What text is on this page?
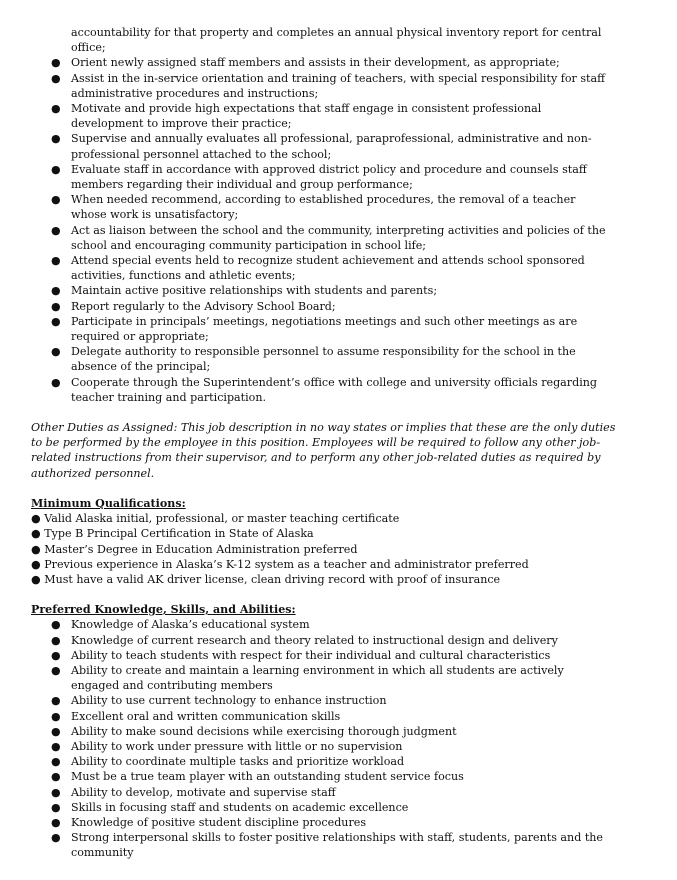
accountability for that property and completes an annual physical inventory report for central office;
● Orient newly assigned staff members and assists in their development, as appropriate;
● Assist in the in-service orientation and training of teachers, with special responsibility for staff administrative procedures and instructions;
● Motivate and provide high expectations that staff engage in consistent professional development to improve their practice;
● Supervise and annually evaluates all professional, paraprofessional, administrative and non-professional personnel attached to the school;
● Evaluate staff in accordance with approved district policy and procedure and counsels staff members regarding their individual and group performance;
● When needed recommend, according to established procedures, the removal of a teacher whose work is unsatisfactory;
● Act as liaison between the school and the community, interpreting activities and policies of the school and encouraging community participation in school life;
● Attend special events held to recognize student achievement and attends school sponsored activities, functions and athletic events;
● Maintain active positive relationships with students and parents;
● Report regularly to the Advisory School Board;
● Participate in principals’ meetings, negotiations meetings and such other meetings as are required or appropriate;
● Delegate authority to responsible personnel to assume responsibility for the school in the absence of the principal;
● Cooperate through the Superintendent’s office with college and university officials regarding teacher training and participation.

Other Duties as Assigned: This job description in no way states or implies that these are the only duties to be performed by the employee in this position. Employees will be required to follow any other job-related instructions from their supervisor, and to perform any other job-related duties as required by authorized personnel.

Minimum Qualifications:
● Valid Alaska initial, professional, or master teaching certificate
● Type B Principal Certification in State of Alaska
● Master’s Degree in Education Administration preferred
● Previous experience in Alaska’s K-12 system as a teacher and administrator preferred
● Must have a valid AK driver license, clean driving record with proof of insurance
Preferred Knowledge, Skills, and Abilities:
● Knowledge of Alaska’s educational system
● Knowledge of current research and theory related to instructional design and delivery
● Ability to teach students with respect for their individual and cultural characteristics
● Ability to create and maintain a learning environment in which all students are actively engaged and contributing members
● Ability to use current technology to enhance instruction
● Excellent oral and written communication skills
● Ability to make sound decisions while exercising thorough judgment
● Ability to work under pressure with little or no supervision
● Ability to coordinate multiple tasks and prioritize workload
● Must be a true team player with an outstanding student service focus
● Ability to develop, motivate and supervise staff
● Skills in focusing staff and students on academic excellence
● Knowledge of positive student discipline procedures
● Strong interpersonal skills to foster positive relationships with staff, students, parents and the community
